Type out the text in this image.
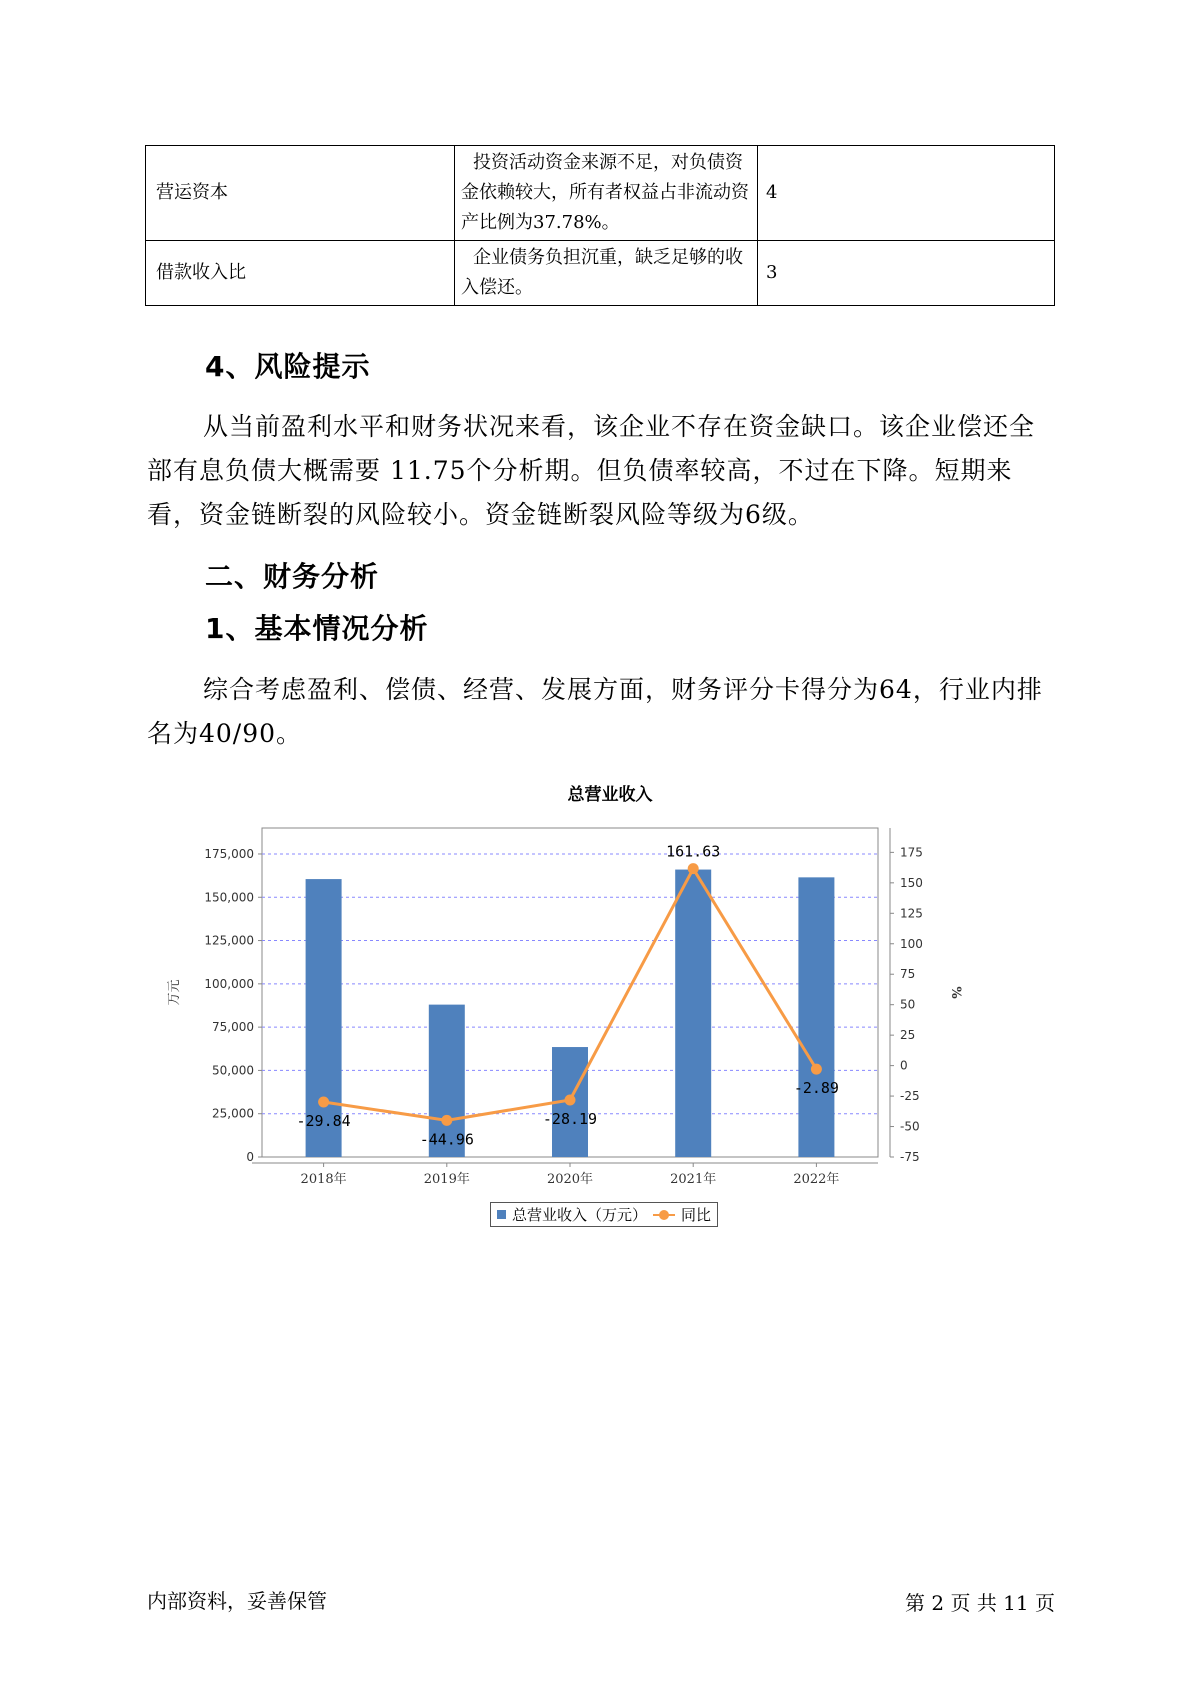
营运资本	投资活动资金来源不足，对负债资金依赖较大，所有者权益占非流动资产比例为37.78%。	4
借款收入比	企业债务负担沉重，缺乏足够的收入偿还。	3
4、风险提示
从当前盈利水平和财务状况来看，该企业不存在资金缺口。该企业偿还全部有息负债大概需要 11.75个分析期。但负债率较高，不过在下降。短期来看，资金链断裂的风险较小。资金链断裂风险等级为6级。
二、财务分析
1、基本情况分析
综合考虑盈利、偿债、经营、发展方面，财务评分卡得分为64，行业内排名为40/90。
总营业收入
0
25,000
50,000
75,000
100,000
125,000
150,000
175,000
-75
-50
-25
0
25
50
75
100
125
150
175
万元	%
2018年	2019年	2020年	2021年	2022年
-29.84
-44.96
-28.19
161.63
-2.89
总营业收入（万元） 同比
内部资料，妥善保管	第 2 页 共 11 页
